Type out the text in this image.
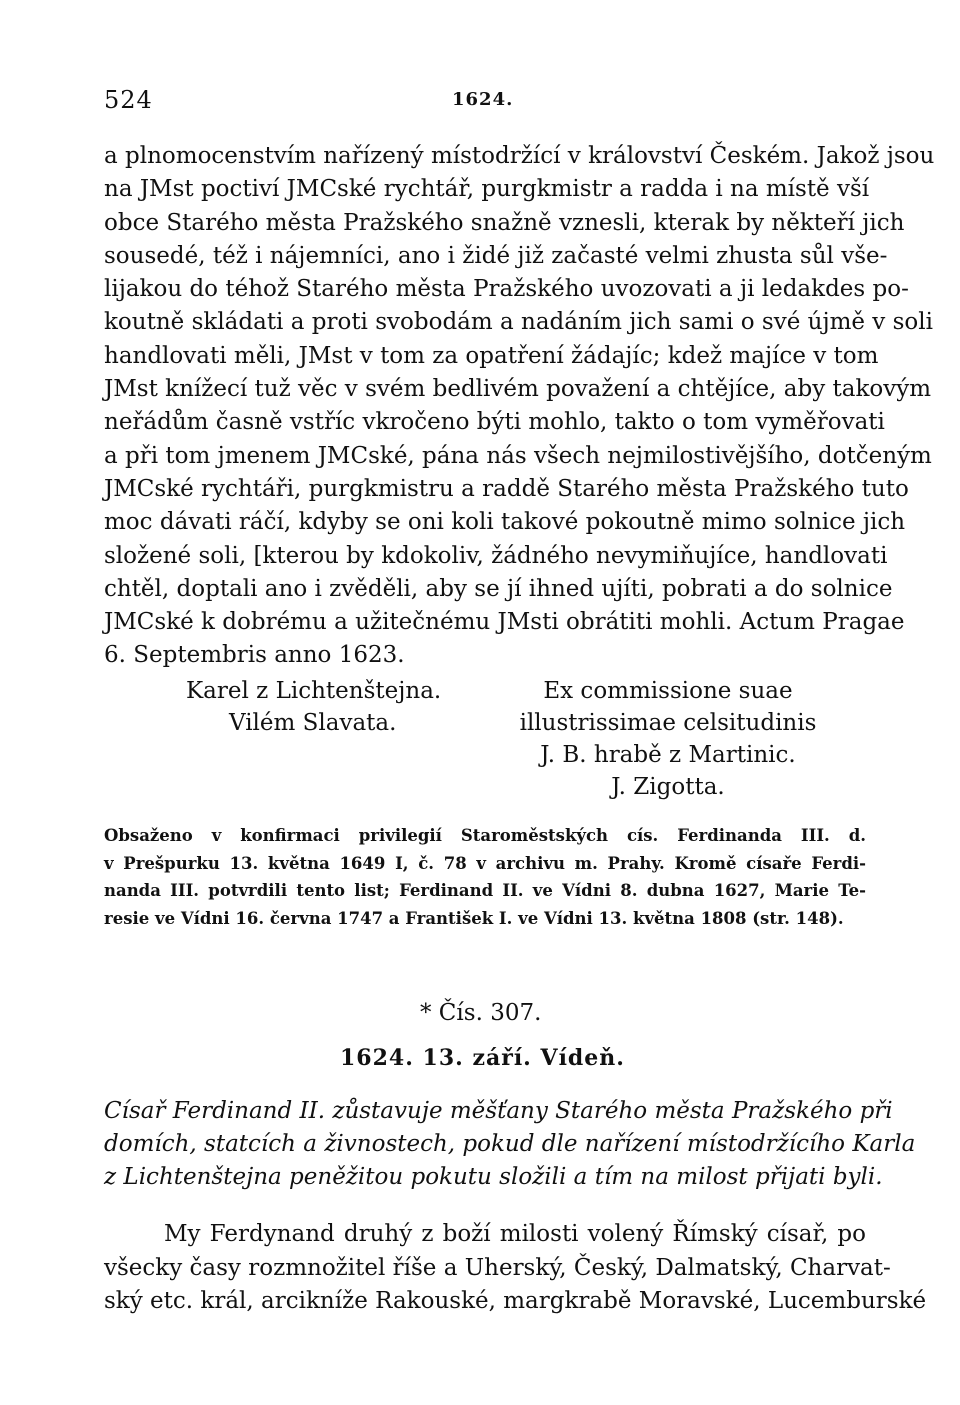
524	1624.
a plnomocenstvím nařízený místodržící v království Českém. Jakož jsou
na JMst poctiví JMCské rychtář, purgkmistr a radda i na místě vší
obce Starého města Pražského snažně vznesli, kterak by někteří jich
sousedé, též i nájemníci, ano i židé již začasté velmi zhusta sůl vše-
lijakou do téhož Starého města Pražského uvozovati a ji ledakdes po-
koutně skládati a proti svobodám a nadáním jich sami o své újmě v soli
handlovati měli, JMst v tom za opatření žádajíc; kdež majíce v tom
JMst knížecí tuž věc v svém bedlivém považení a chtějíce, aby takovým
neřádům časně vstříc vkročeno býti mohlo, takto o tom vyměřovati
a při tom jmenem JMCské, pána nás všech nejmilostivějšího, dotčeným
JMCské rychtáři, purgkmistru a raddě Starého města Pražského tuto
moc dávati ráčí, kdyby se oni koli takové pokoutně mimo solnice jich
složené soli, [kterou by kdokoliv, žádného nevymiňujíce, handlovati
chtěl, doptali ano i zvěděli, aby se jí ihned ujíti, pobrati a do solnice
JMCské k dobrému a užitečnému JMsti obrátiti mohli. Actum Pragae
6. Septembris anno 1623.
Karel z Lichtenštejna.
Vilém Slavata.
Ex commissione suae
illustrissimae celsitudinis
J. B. hrabě z Martinic.
J. Zigotta.
Obsaženo v konfirmaci privilegií Staroměstských cís. Ferdinanda III. d.
v Prešpurku 13. května 1649 I, č. 78 v archivu m. Prahy. Kromě císaře Ferdi-
nanda III. potvrdili tento list; Ferdinand II. ve Vídni 8. dubna 1627, Marie Te-
resie ve Vídni 16. června 1747 a František I. ve Vídni 13. května 1808 (str. 148).
* Čís. 307.
1624. 13. září. Vídeň.
Císař Ferdinand II. zůstavuje měšťany Starého města Pražského při
domích, statcích a živnostech, pokud dle nařízení místodržícího Karla
z Lichtenštejna peněžitou pokutu složili a tím na milost přijati byli.
My Ferdynand druhý z boží milosti volený Římský císař, po
všecky časy rozmnožitel říše a Uherský, Český, Dalmatský, Charvat-
ský etc. král, arcikníže Rakouské, margkrabě Moravské, Lucemburské
